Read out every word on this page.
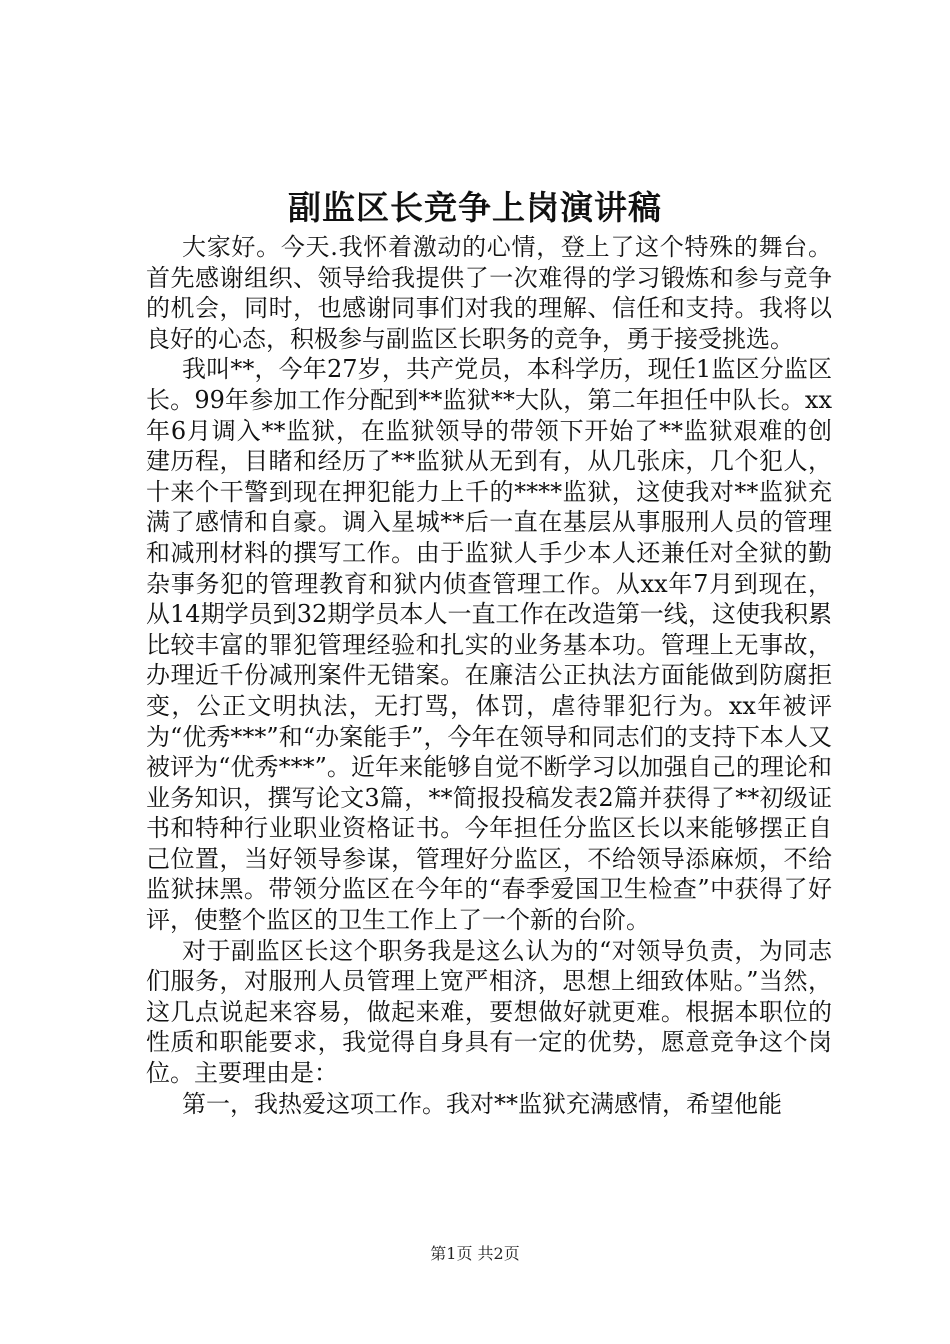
副监区长竞争上岗演讲稿

大家好。今天.我怀着激动的心情，登上了这个特殊的舞台。首先感谢组织、领导给我提供了一次难得的学习锻炼和参与竞争的机会，同时，也感谢同事们对我的理解、信任和支持。我将以良好的心态，积极参与副监区长职务的竞争，勇于接受挑选。

我叫**，今年27岁，共产党员，本科学历，现任1监区分监区长。99年参加工作分配到**监狱**大队，第二年担任中队长。xx年6月调入**监狱，在监狱领导的带领下开始了**监狱艰难的创建历程，目睹和经历了**监狱从无到有，从几张床，几个犯人，十来个干警到现在押犯能力上千的****监狱，这使我对**监狱充满了感情和自豪。调入星城**后一直在基层从事服刑人员的管理和减刑材料的撰写工作。由于监狱人手少本人还兼任对全狱的勤杂事务犯的管理教育和狱内侦查管理工作。从xx年7月到现在，从14期学员到32期学员本人一直工作在改造第一线，这使我积累比较丰富的罪犯管理经验和扎实的业务基本功。管理上无事故，办理近千份减刑案件无错案。在廉洁公正执法方面能做到防腐拒变，公正文明执法，无打骂，体罚，虐待罪犯行为。xx年被评为“优秀***”和“办案能手”，今年在领导和同志们的支持下本人又被评为“优秀***”。近年来能够自觉不断学习以加强自己的理论和业务知识，撰写论文3篇，**简报投稿发表2篇并获得了**初级证书和特种行业职业资格证书。今年担任分监区长以来能够摆正自己位置，当好领导参谋，管理好分监区，不给领导添麻烦，不给监狱抹黑。带领分监区在今年的“春季爱国卫生检查”中获得了好评，使整个监区的卫生工作上了一个新的台阶。

对于副监区长这个职务我是这么认为的“对领导负责，为同志们服务，对服刑人员管理上宽严相济，思想上细致体贴。”当然，这几点说起来容易，做起来难，要想做好就更难。根据本职位的性质和职能要求，我觉得自身具有一定的优势，愿意竞争这个岗位。主要理由是：

第一，我热爱这项工作。我对**监狱充满感情，希望他能

第1页 共2页
